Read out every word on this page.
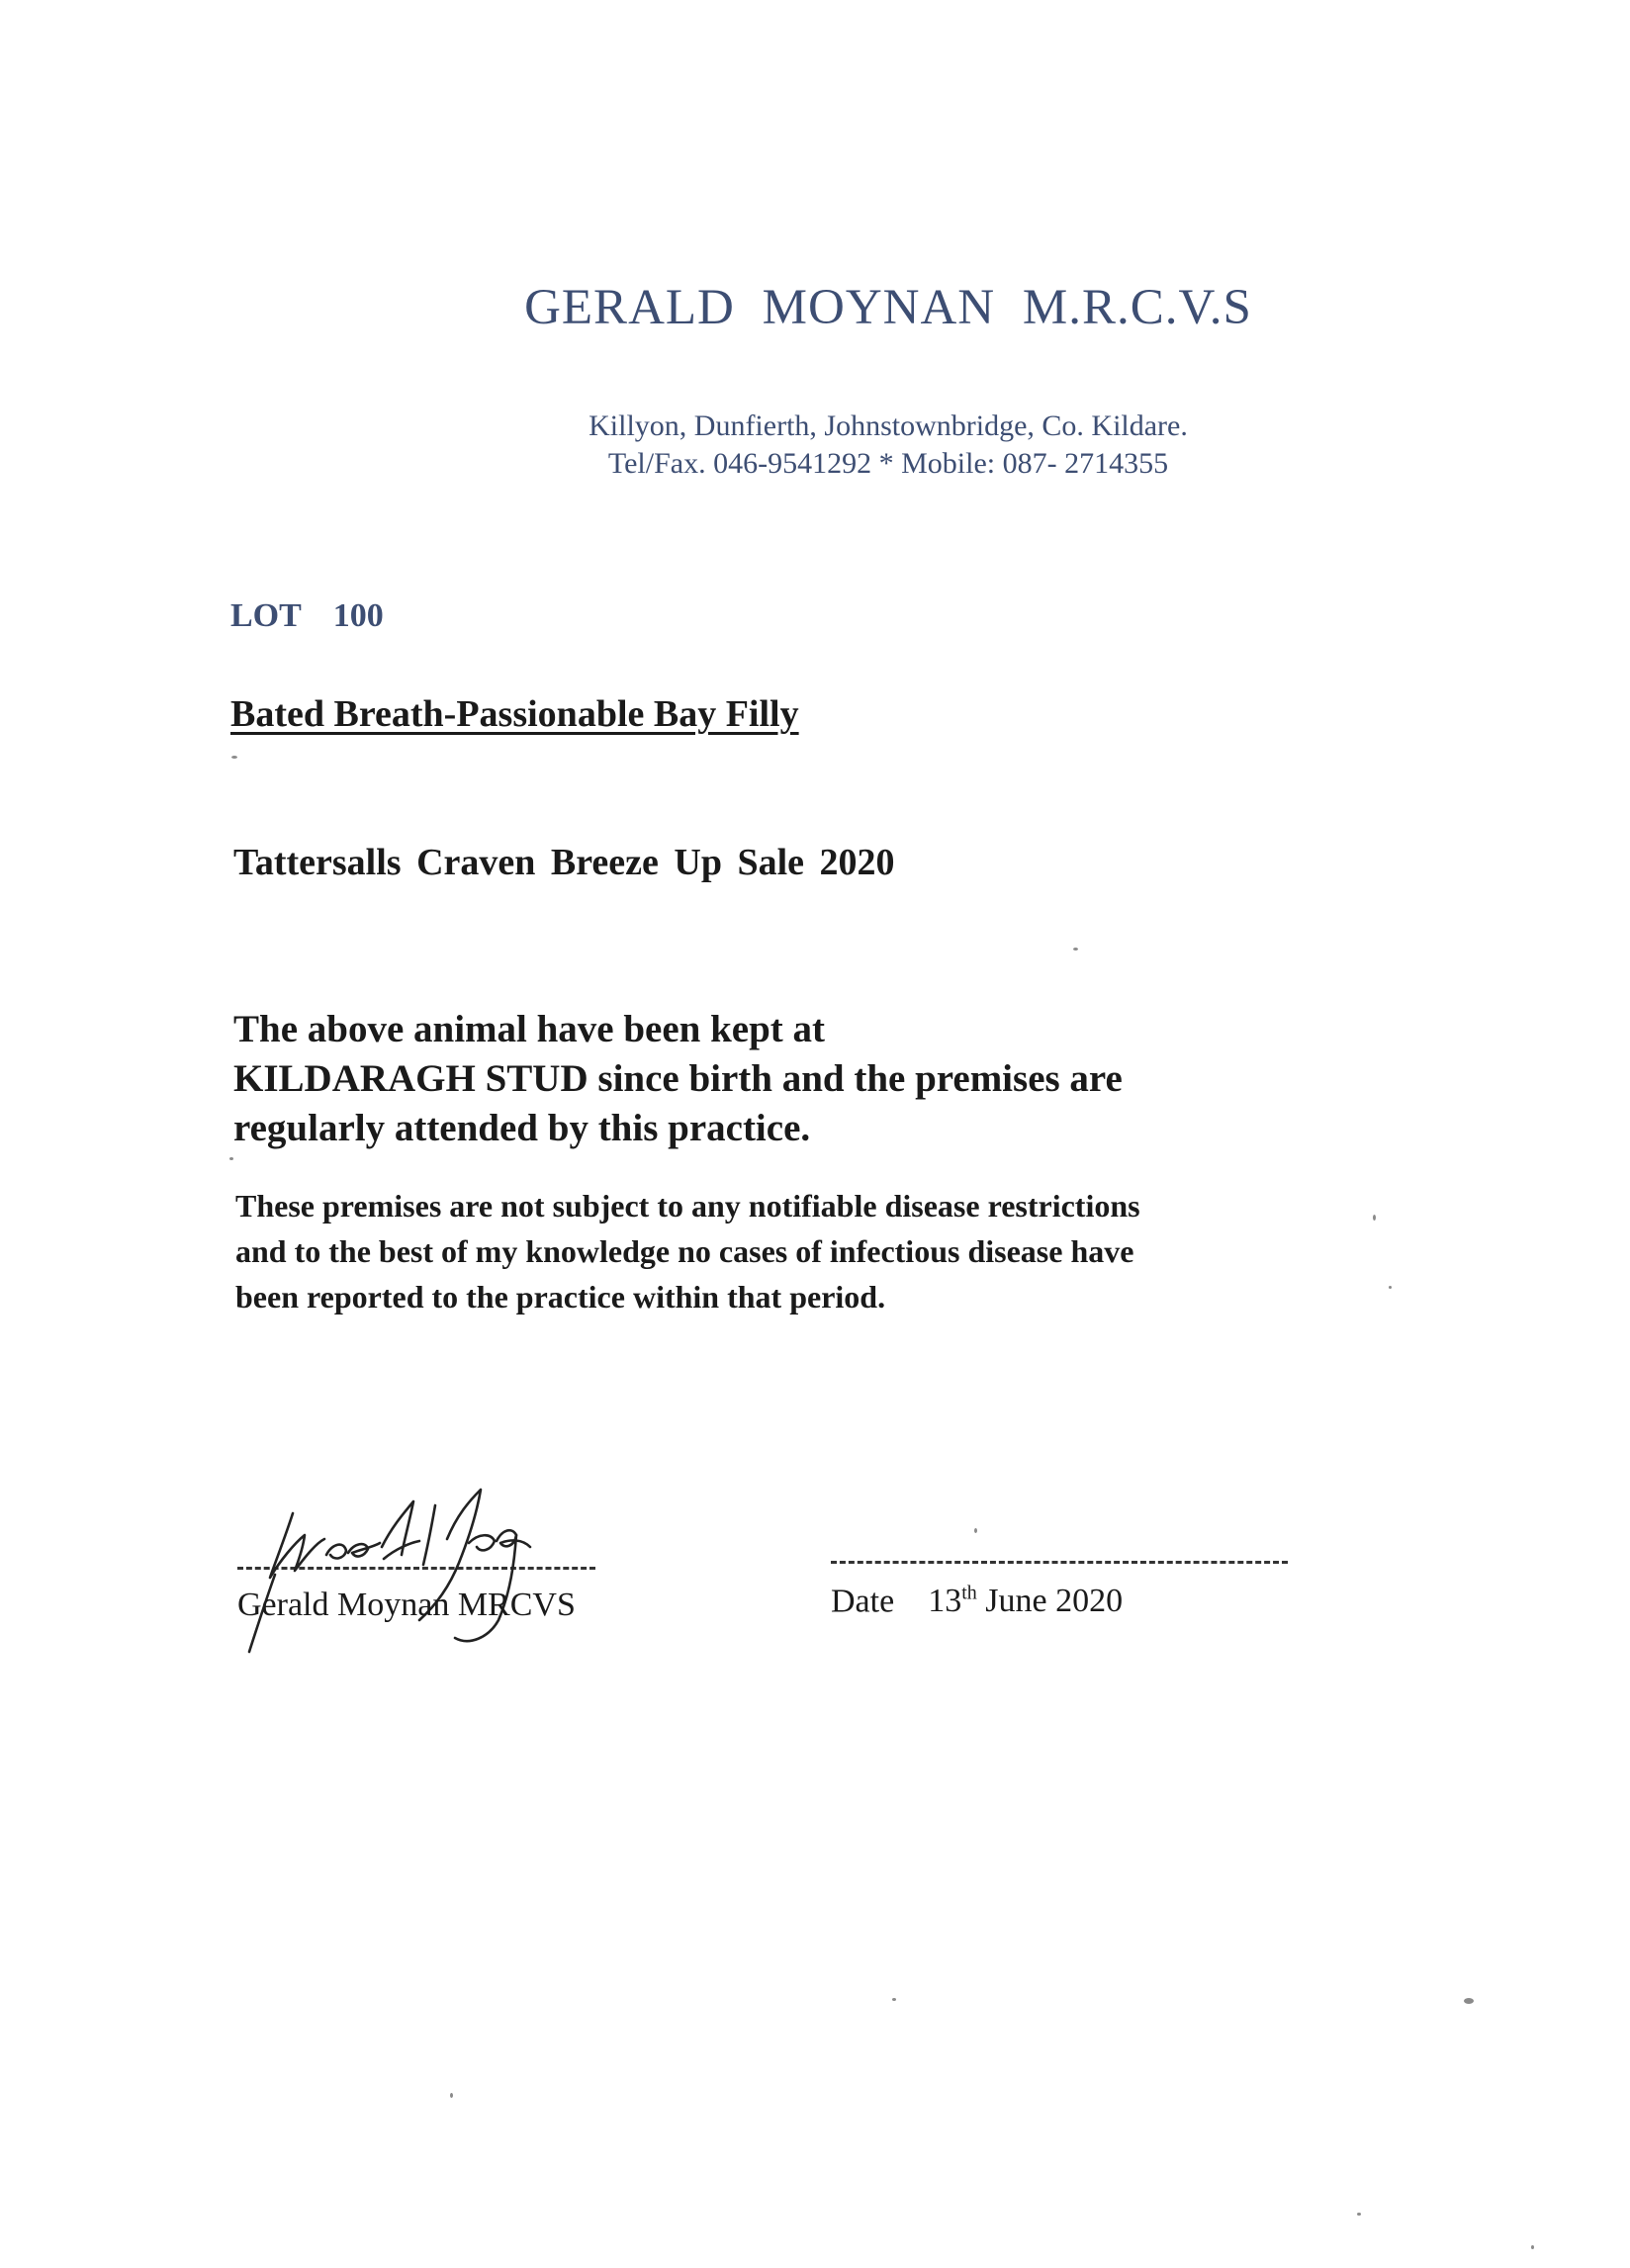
GERALD MOYNAN M.R.C.V.S
Killyon, Dunfierth, Johnstownbridge, Co. Kildare.
Tel/Fax. 046-9541292 * Mobile: 087- 2714355
LOT 100
Bated Breath-Passionable Bay Filly
Tattersalls Craven Breeze Up Sale 2020
The above animal have been kept at
KILDARAGH STUD since birth and the premises are
regularly attended by this practice.
These premises are not subject to any notifiable disease restrictions
and to the best of my knowledge no cases of infectious disease have
been reported to the practice within that period.
Gerald Moynan MRCVS	Date 13th June 2020
